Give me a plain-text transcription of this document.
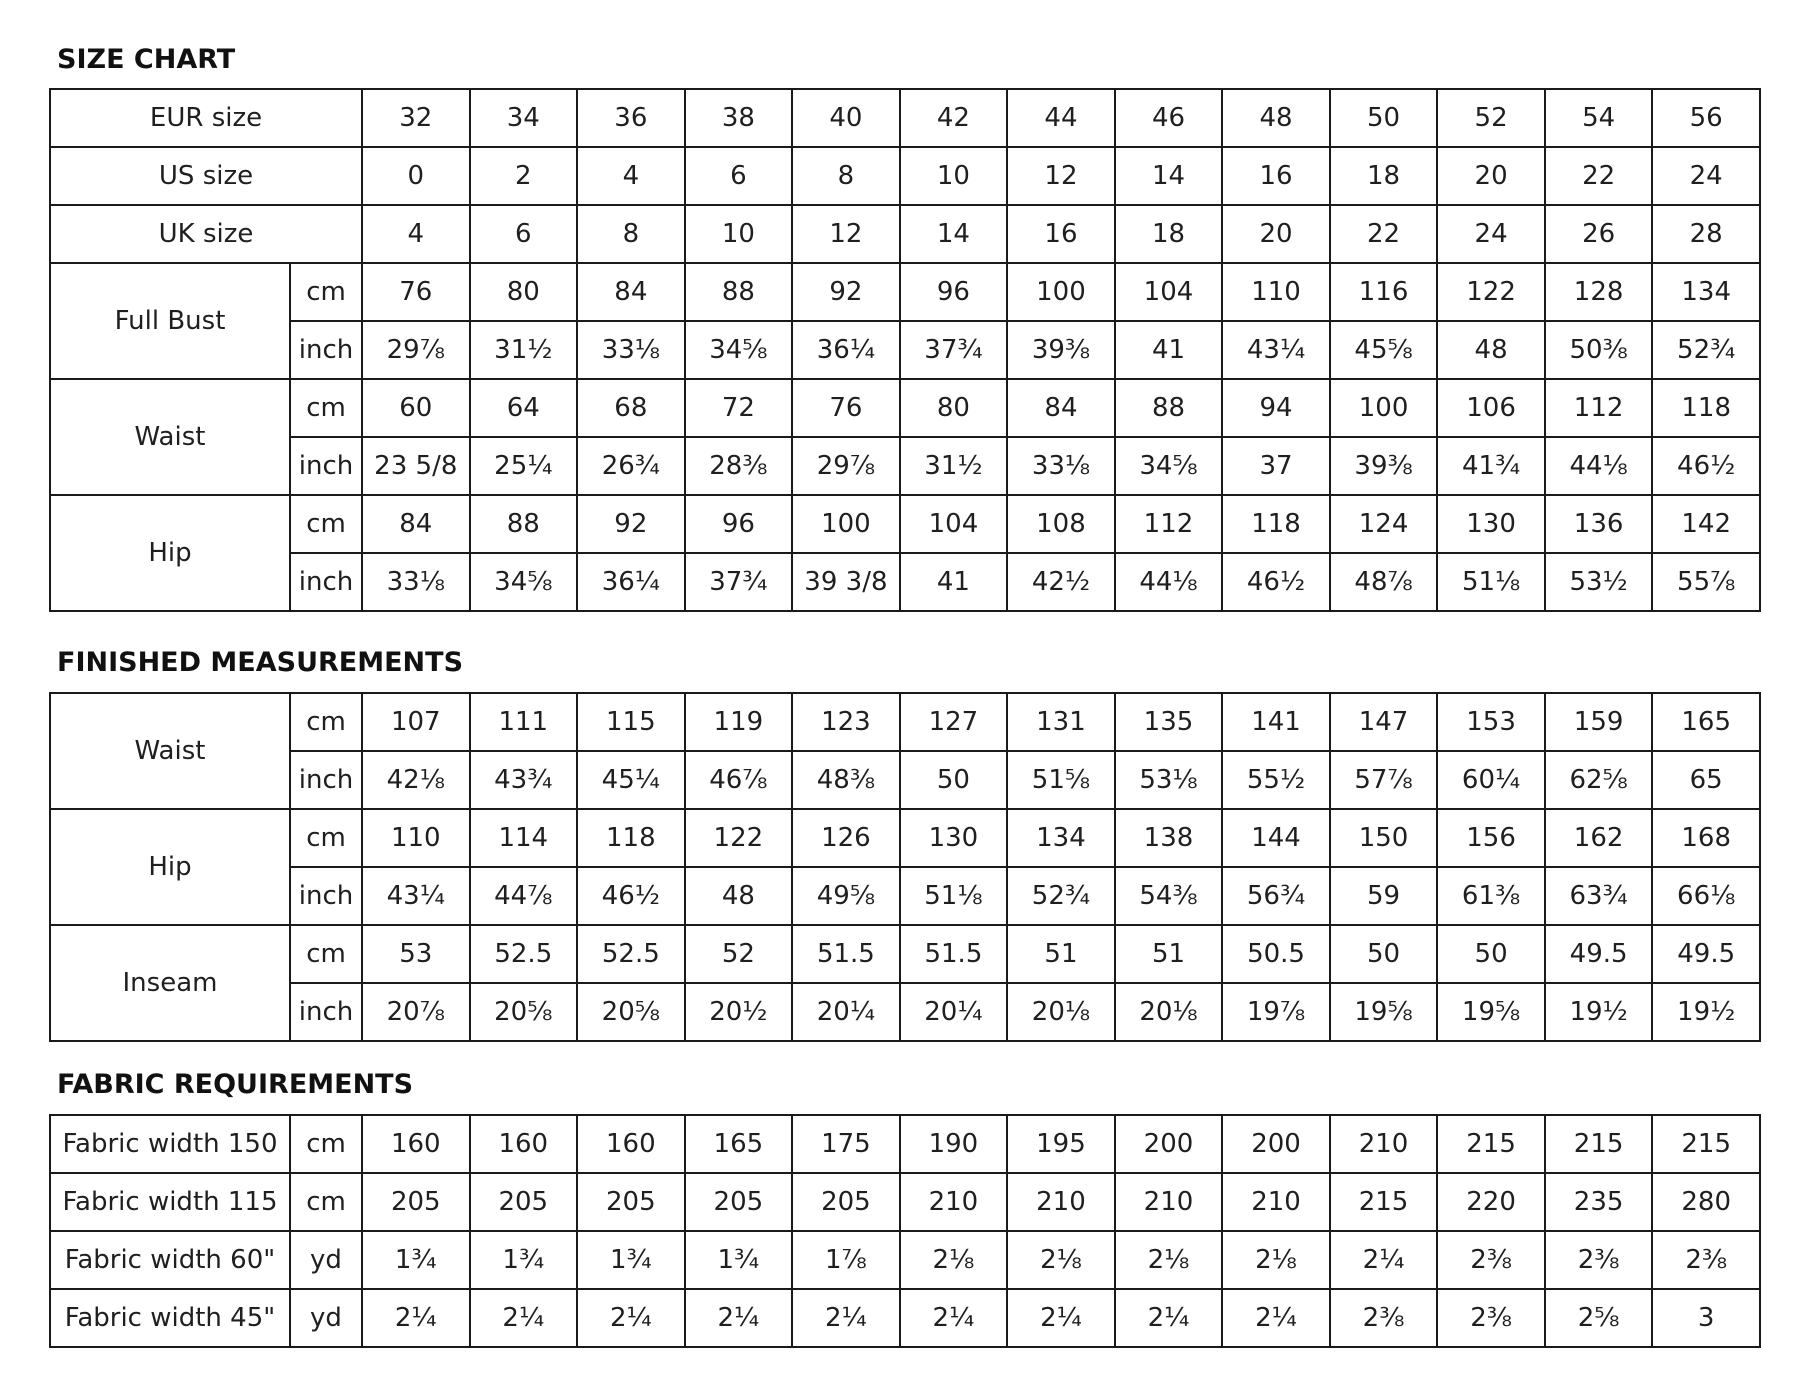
SIZE CHART
EUR size		32	34	36	38	40	42	44	46	48	50	52	54	56
US size		0	2	4	6	8	10	12	14	16	18	20	22	24
UK size		4	6	8	10	12	14	16	18	20	22	24	26	28
Full Bust	cm	76	80	84	88	92	96	100	104	110	116	122	128	134
	inch	29⅞	31½	33⅛	34⅝	36¼	37¾	39⅜	41	43¼	45⅝	48	50⅜	52¾
Waist	cm	60	64	68	72	76	80	84	88	94	100	106	112	118
	inch	23 5/8	25¼	26¾	28⅜	29⅞	31½	33⅛	34⅝	37	39⅜	41¾	44⅛	46½
Hip	cm	84	88	92	96	100	104	108	112	118	124	130	136	142
	inch	33⅛	34⅝	36¼	37¾	39 3/8	41	42½	44⅛	46½	48⅞	51⅛	53½	55⅞
FINISHED MEASUREMENTS
Waist	cm	107	111	115	119	123	127	131	135	141	147	153	159	165
	inch	42⅛	43¾	45¼	46⅞	48⅜	50	51⅝	53⅛	55½	57⅞	60¼	62⅝	65
Hip	cm	110	114	118	122	126	130	134	138	144	150	156	162	168
	inch	43¼	44⅞	46½	48	49⅝	51⅛	52¾	54⅜	56¾	59	61⅜	63¾	66⅛
Inseam	cm	53	52.5	52.5	52	51.5	51.5	51	51	50.5	50	50	49.5	49.5
	inch	20⅞	20⅝	20⅝	20½	20¼	20¼	20⅛	20⅛	19⅞	19⅝	19⅝	19½	19½
FABRIC REQUIREMENTS
Fabric width 150	cm	160	160	160	165	175	190	195	200	200	210	215	215	215
Fabric width 115	cm	205	205	205	205	205	210	210	210	210	215	220	235	280
Fabric width 60"	yd	1¾	1¾	1¾	1¾	1⅞	2⅛	2⅛	2⅛	2⅛	2¼	2⅜	2⅜	2⅜
Fabric width 45"	yd	2¼	2¼	2¼	2¼	2¼	2¼	2¼	2¼	2¼	2⅜	2⅜	2⅝	3
